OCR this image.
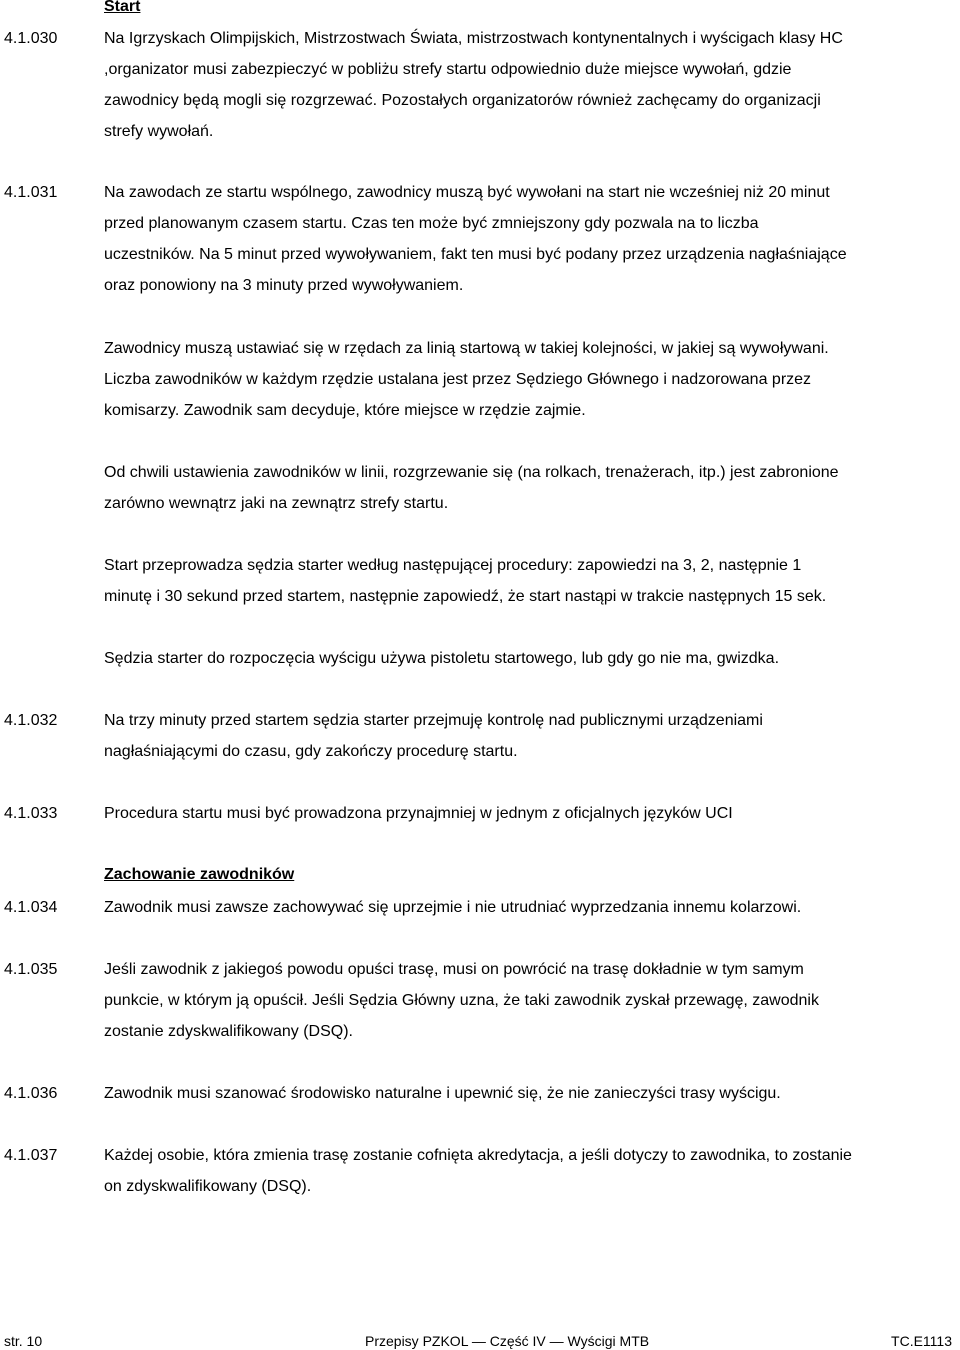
Start
4.1.030	Na Igrzyskach Olimpijskich, Mistrzostwach Świata, mistrzostwach kontynentalnych i wyścigach klasy HC
,organizator musi zabezpieczyć w pobliżu strefy startu odpowiednio duże miejsce wywołań, gdzie
zawodnicy będą mogli się rozgrzewać. Pozostałych organizatorów również zachęcamy do organizacji
strefy wywołań.
4.1.031	Na zawodach ze startu wspólnego, zawodnicy muszą być wywołani na start nie wcześniej niż 20 minut
przed planowanym czasem startu. Czas ten może być zmniejszony gdy pozwala na to liczba
uczestników. Na 5 minut przed wywoływaniem, fakt ten musi być podany przez urządzenia nagłaśniające
oraz ponowiony na 3 minuty przed wywoływaniem.
Zawodnicy muszą ustawiać się w rzędach za linią startową w takiej kolejności, w jakiej są wywoływani.
Liczba zawodników w każdym rzędzie ustalana jest przez Sędziego Głównego i nadzorowana przez
komisarzy. Zawodnik sam decyduje, które miejsce w rzędzie zajmie.
Od chwili ustawienia zawodników w linii, rozgrzewanie się (na rolkach, trenażerach, itp.) jest zabronione
zarówno wewnątrz jaki na zewnątrz strefy startu.
Start przeprowadza sędzia starter według następującej procedury: zapowiedzi na 3, 2, następnie 1
minutę i 30 sekund przed startem, następnie zapowiedź, że start nastąpi w trakcie następnych 15 sek.
Sędzia starter do rozpoczęcia wyścigu używa pistoletu startowego, lub gdy go nie ma, gwizdka.
4.1.032	Na trzy minuty przed startem sędzia starter przejmuję kontrolę nad publicznymi urządzeniami
nagłaśniającymi do czasu, gdy zakończy procedurę startu.
4.1.033	Procedura startu musi być prowadzona przynajmniej w jednym z oficjalnych języków UCI
Zachowanie zawodników
4.1.034	Zawodnik musi zawsze zachowywać się uprzejmie i nie utrudniać wyprzedzania innemu kolarzowi.
4.1.035	Jeśli zawodnik z jakiegoś powodu opuści trasę, musi on powrócić na trasę dokładnie w tym samym
punkcie, w którym ją opuścił. Jeśli Sędzia Główny uzna, że taki zawodnik zyskał przewagę, zawodnik
zostanie zdyskwalifikowany (DSQ).
4.1.036	Zawodnik musi szanować środowisko naturalne i upewnić się, że nie zanieczyści trasy wyścigu.
4.1.037	Każdej osobie, która zmienia trasę zostanie cofnięta akredytacja, a jeśli dotyczy to zawodnika, to zostanie
on zdyskwalifikowany (DSQ).
str. 10	Przepisy PZKOL — Część IV — Wyścigi MTB	TC.E1113
